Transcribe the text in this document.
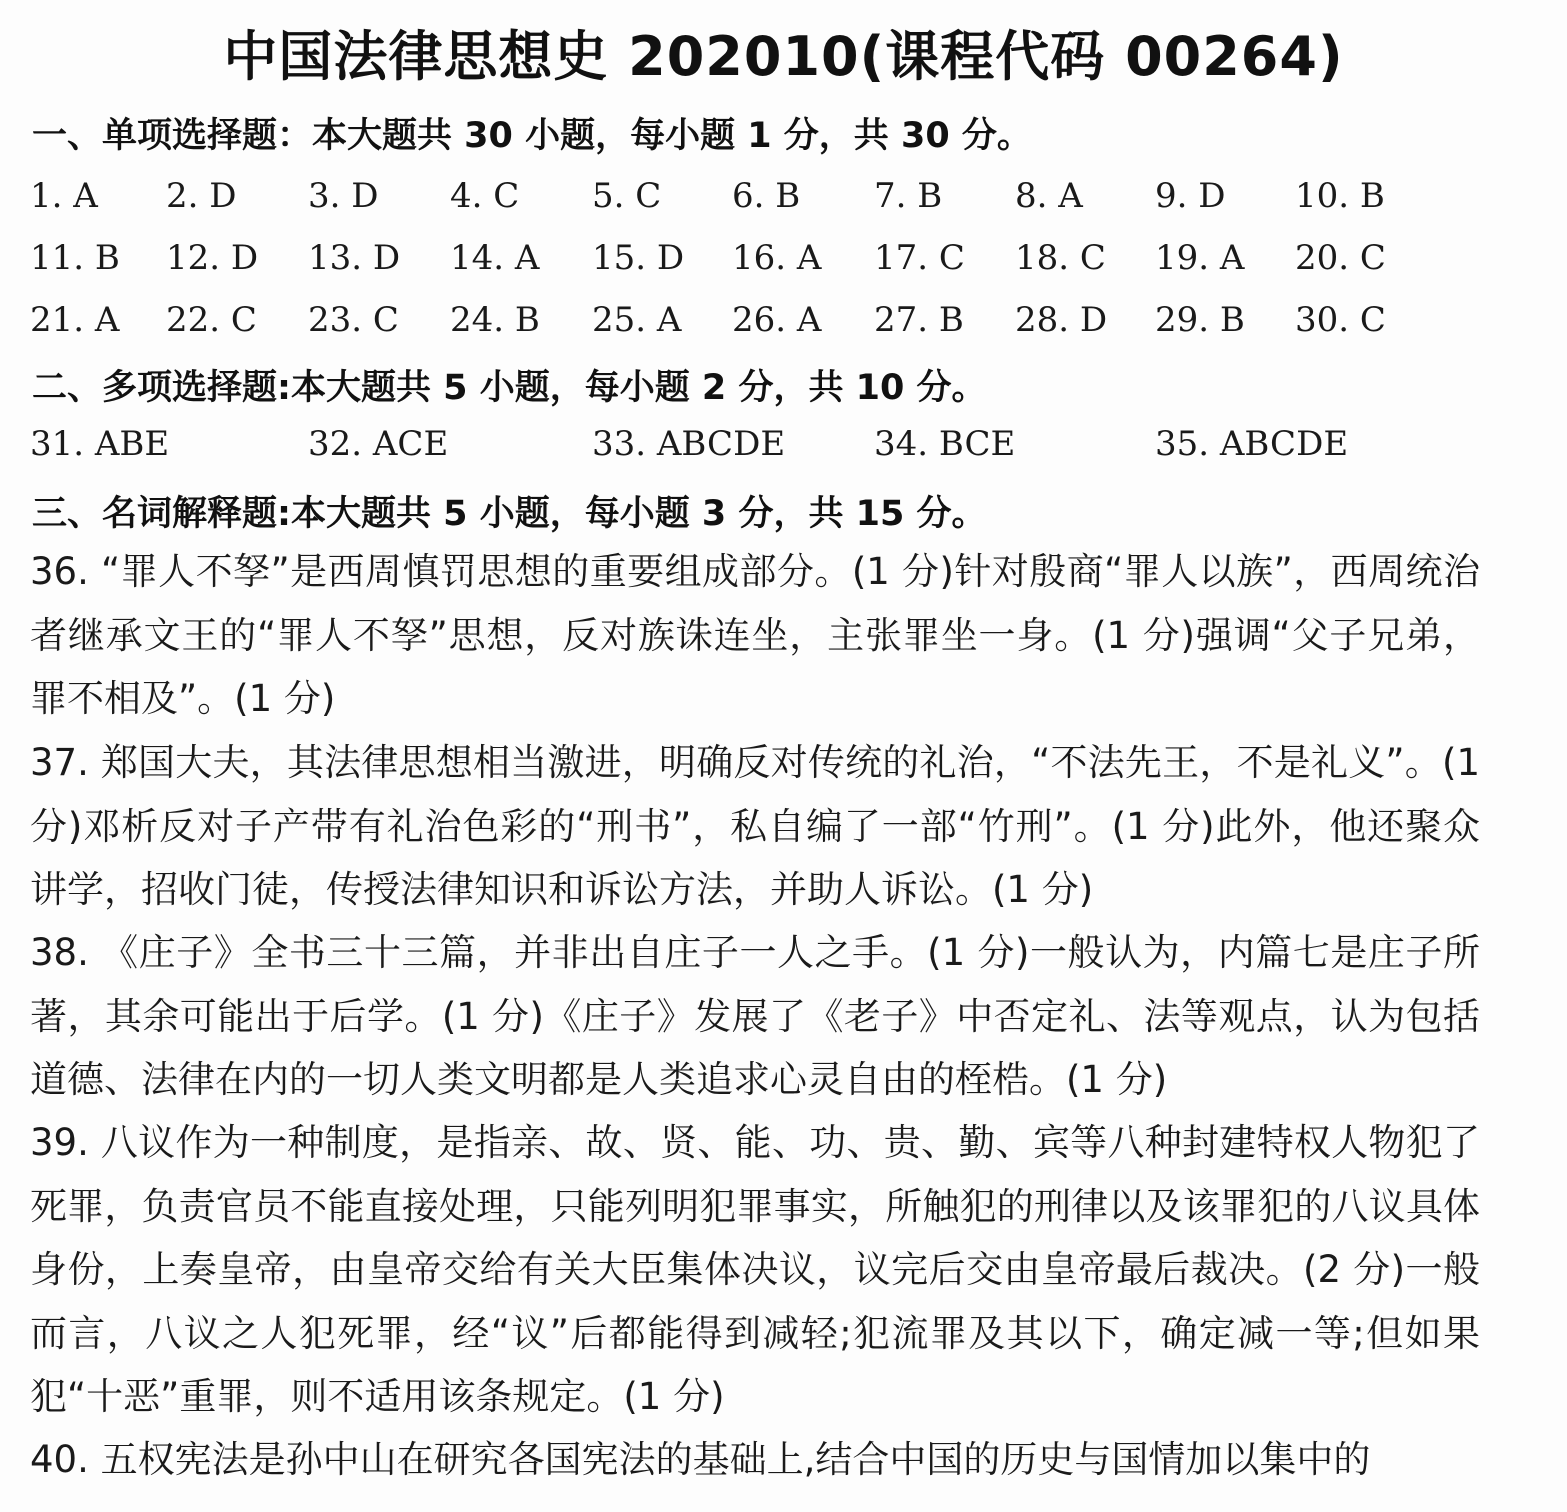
中国法律思想史 202010(课程代码 00264)
一、单项选择题：本大题共 30 小题，每小题 1 分，共 30 分。
1. A 2. D 3. D 4. C 5. C 6. B 7. B 8. A 9. D 10. B
11. B 12. D 13. D 14. A 15. D 16. A 17. C 18. C 19. A 20. C
21. A 22. C 23. C 24. B 25. A 26. A 27. B 28. D 29. B 30. C
二、多项选择题:本大题共 5 小题，每小题 2 分，共 10 分。
31. ABE	32. ACE	33. ABCDE	34. BCE	35. ABCDE
三、名词解释题:本大题共 5 小题，每小题 3 分，共 15 分。

36. “罪人不孥”是西周慎罚思想的重要组成部分。(1 分)针对殷商“罪人以族”，西周统治者继承文王的“罪人不孥”思想，反对族诛连坐，主张罪坐一身。(1 分)强调“父子兄弟，罪不相及”。(1 分)

37. 郑国大夫，其法律思想相当激进，明确反对传统的礼治，“不法先王，不是礼义”。(1 分)邓析反对子产带有礼治色彩的“刑书”，私自编了一部“竹刑”。(1 分)此外，他还聚众讲学，招收门徒，传授法律知识和诉讼方法，并助人诉讼。(1 分)

38. 《庄子》全书三十三篇，并非出自庄子一人之手。(1 分)一般认为，内篇七是庄子所著，其余可能出于后学。(1 分)《庄子》发展了《老子》中否定礼、法等观点，认为包括道德、法律在内的一切人类文明都是人类追求心灵自由的桎梏。(1 分)

39. 八议作为一种制度，是指亲、故、贤、能、功、贵、勤、宾等八种封建特权人物犯了死罪，负责官员不能直接处理，只能列明犯罪事实，所触犯的刑律以及该罪犯的八议具体身份，上奏皇帝，由皇帝交给有关大臣集体决议，议完后交由皇帝最后裁决。(2 分)一般而言，八议之人犯死罪，经“议”后都能得到减轻;犯流罪及其以下，确定减一等;但如果犯“十恶”重罪，则不适用该条规定。(1 分)

40. 五权宪法是孙中山在研究各国宪法的基础上,结合中国的历史与国情加以集中的
